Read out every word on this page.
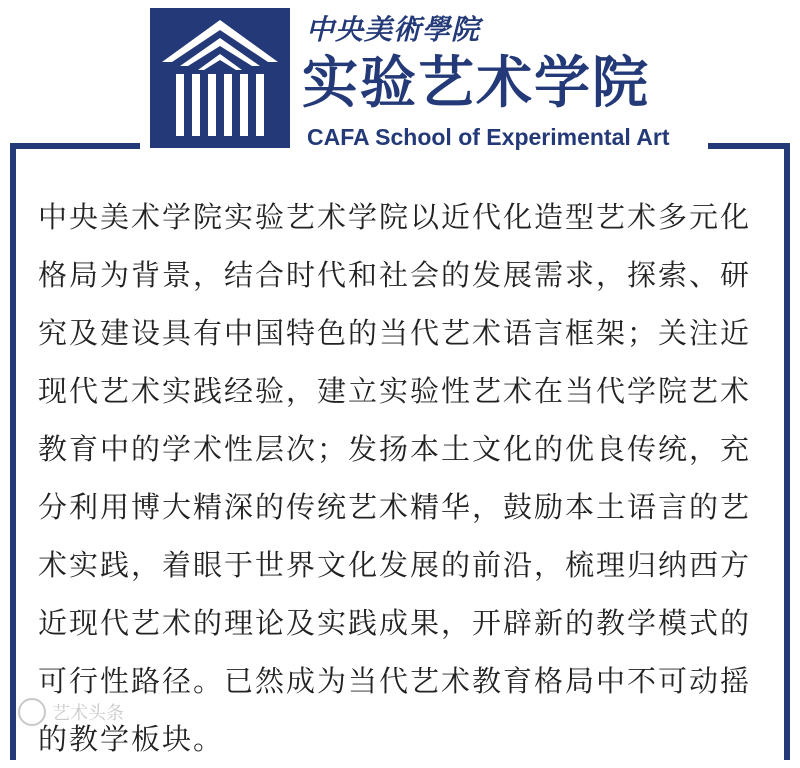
中央美術學院
实验艺术学院
CAFA School of Experimental Art
中央美术学院实验艺术学院以近代化造型艺术多元化
格局为背景，结合时代和社会的发展需求，探索、研
究及建设具有中国特色的当代艺术语言框架；关注近
现代艺术实践经验，建立实验性艺术在当代学院艺术
教育中的学术性层次；发扬本土文化的优良传统，充
分利用博大精深的传统艺术精华，鼓励本土语言的艺
术实践，着眼于世界文化发展的前沿，梳理归纳西方
近现代艺术的理论及实践成果，开辟新的教学模式的
可行性路径。已然成为当代艺术教育格局中不可动摇
的教学板块。
艺术头条
